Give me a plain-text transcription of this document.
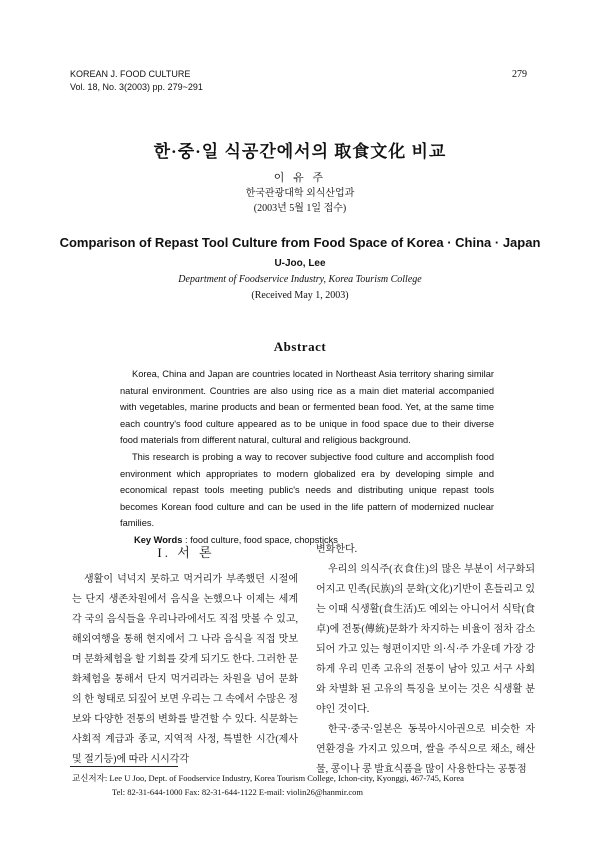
KOREAN J. FOOD CULTURE
Vol. 18, No. 3(2003) pp. 279~291
279
한·중·일 식공간에서의 取食文化 비교
이 유 주
한국관광대학 외식산업과
(2003년 5월 1일 접수)
Comparison of Repast Tool Culture from Food Space of Korea · China · Japan
U-Joo, Lee
Department of Foodservice Industry, Korea Tourism College
(Received May 1, 2003)
Abstract

Korea, China and Japan are countries located in Northeast Asia territory sharing similar natural environment. Countries are also using rice as a main diet material accompanied with vegetables, marine products and bean or fermented bean food. Yet, at the same time each country's food culture appeared as to be unique in food space due to their diverse food materials from different natural, cultural and religious background.

This research is probing a way to recover subjective food culture and accomplish food environment which appropriates to modern globalized era by developing simple and economical repast tools meeting public's needs and distributing unique repast tools becomes Korean food culture and can be used in the life pattern of modernized nuclear families.

Key Words : food culture, food space, chopsticks

I. 서 론

생활이 넉넉지 못하고 먹거리가 부족했던 시절에는 단지 생존차원에서 음식을 논했으나 이제는 세계 각 국의 음식들을 우리나라에서도 직접 맛볼 수 있고, 해외여행을 통해 현지에서 그 나라 음식을 직접 맛보며 문화체험을 할 기회를 갖게 되기도 한다. 그러한 문화체험을 통해서 단지 먹거리라는 차원을 넘어 문화의 한 형태로 되짚어 보면 우리는 그 속에서 수많은 정보와 다양한 전통의 변화를 발견할 수 있다. 식문화는 사회적 계급과 종교, 지역적 사정, 특별한 시간(제사 및 절기등)에 따라 시시각각

변화한다.

우리의 의식주(衣食住)의 많은 부분이 서구화되어지고 민족(民族)의 문화(文化)기반이 흔들리고 있는 이때 식생활(食生活)도 예외는 아니어서 식탁(食卓)에 전통(傳統)문화가 차지하는 비율이 점차 감소되어 가고 있는 형편이지만 의·식·주 가운데 가장 강하게 우리 민족 고유의 전통이 남아 있고 서구 사회와 차별화 된 고유의 특징을 보이는 것은 식생활 분야인 것이다.

한국·중국·일본은 동북아시아권으로 비슷한 자연환경을 가지고 있으며, 쌀을 주식으로 채소, 해산물, 콩이나 콩 발효식품을 많이 사용한다는 공통점

교신저자: Lee U Joo, Dept. of Foodservice Industry, Korea Tourism College, Ichon-city, Kyonggi, 467-745, Korea
Tel: 82-31-644-1000 Fax: 82-31-644-1122 E-mail: violin26@hanmir.com
